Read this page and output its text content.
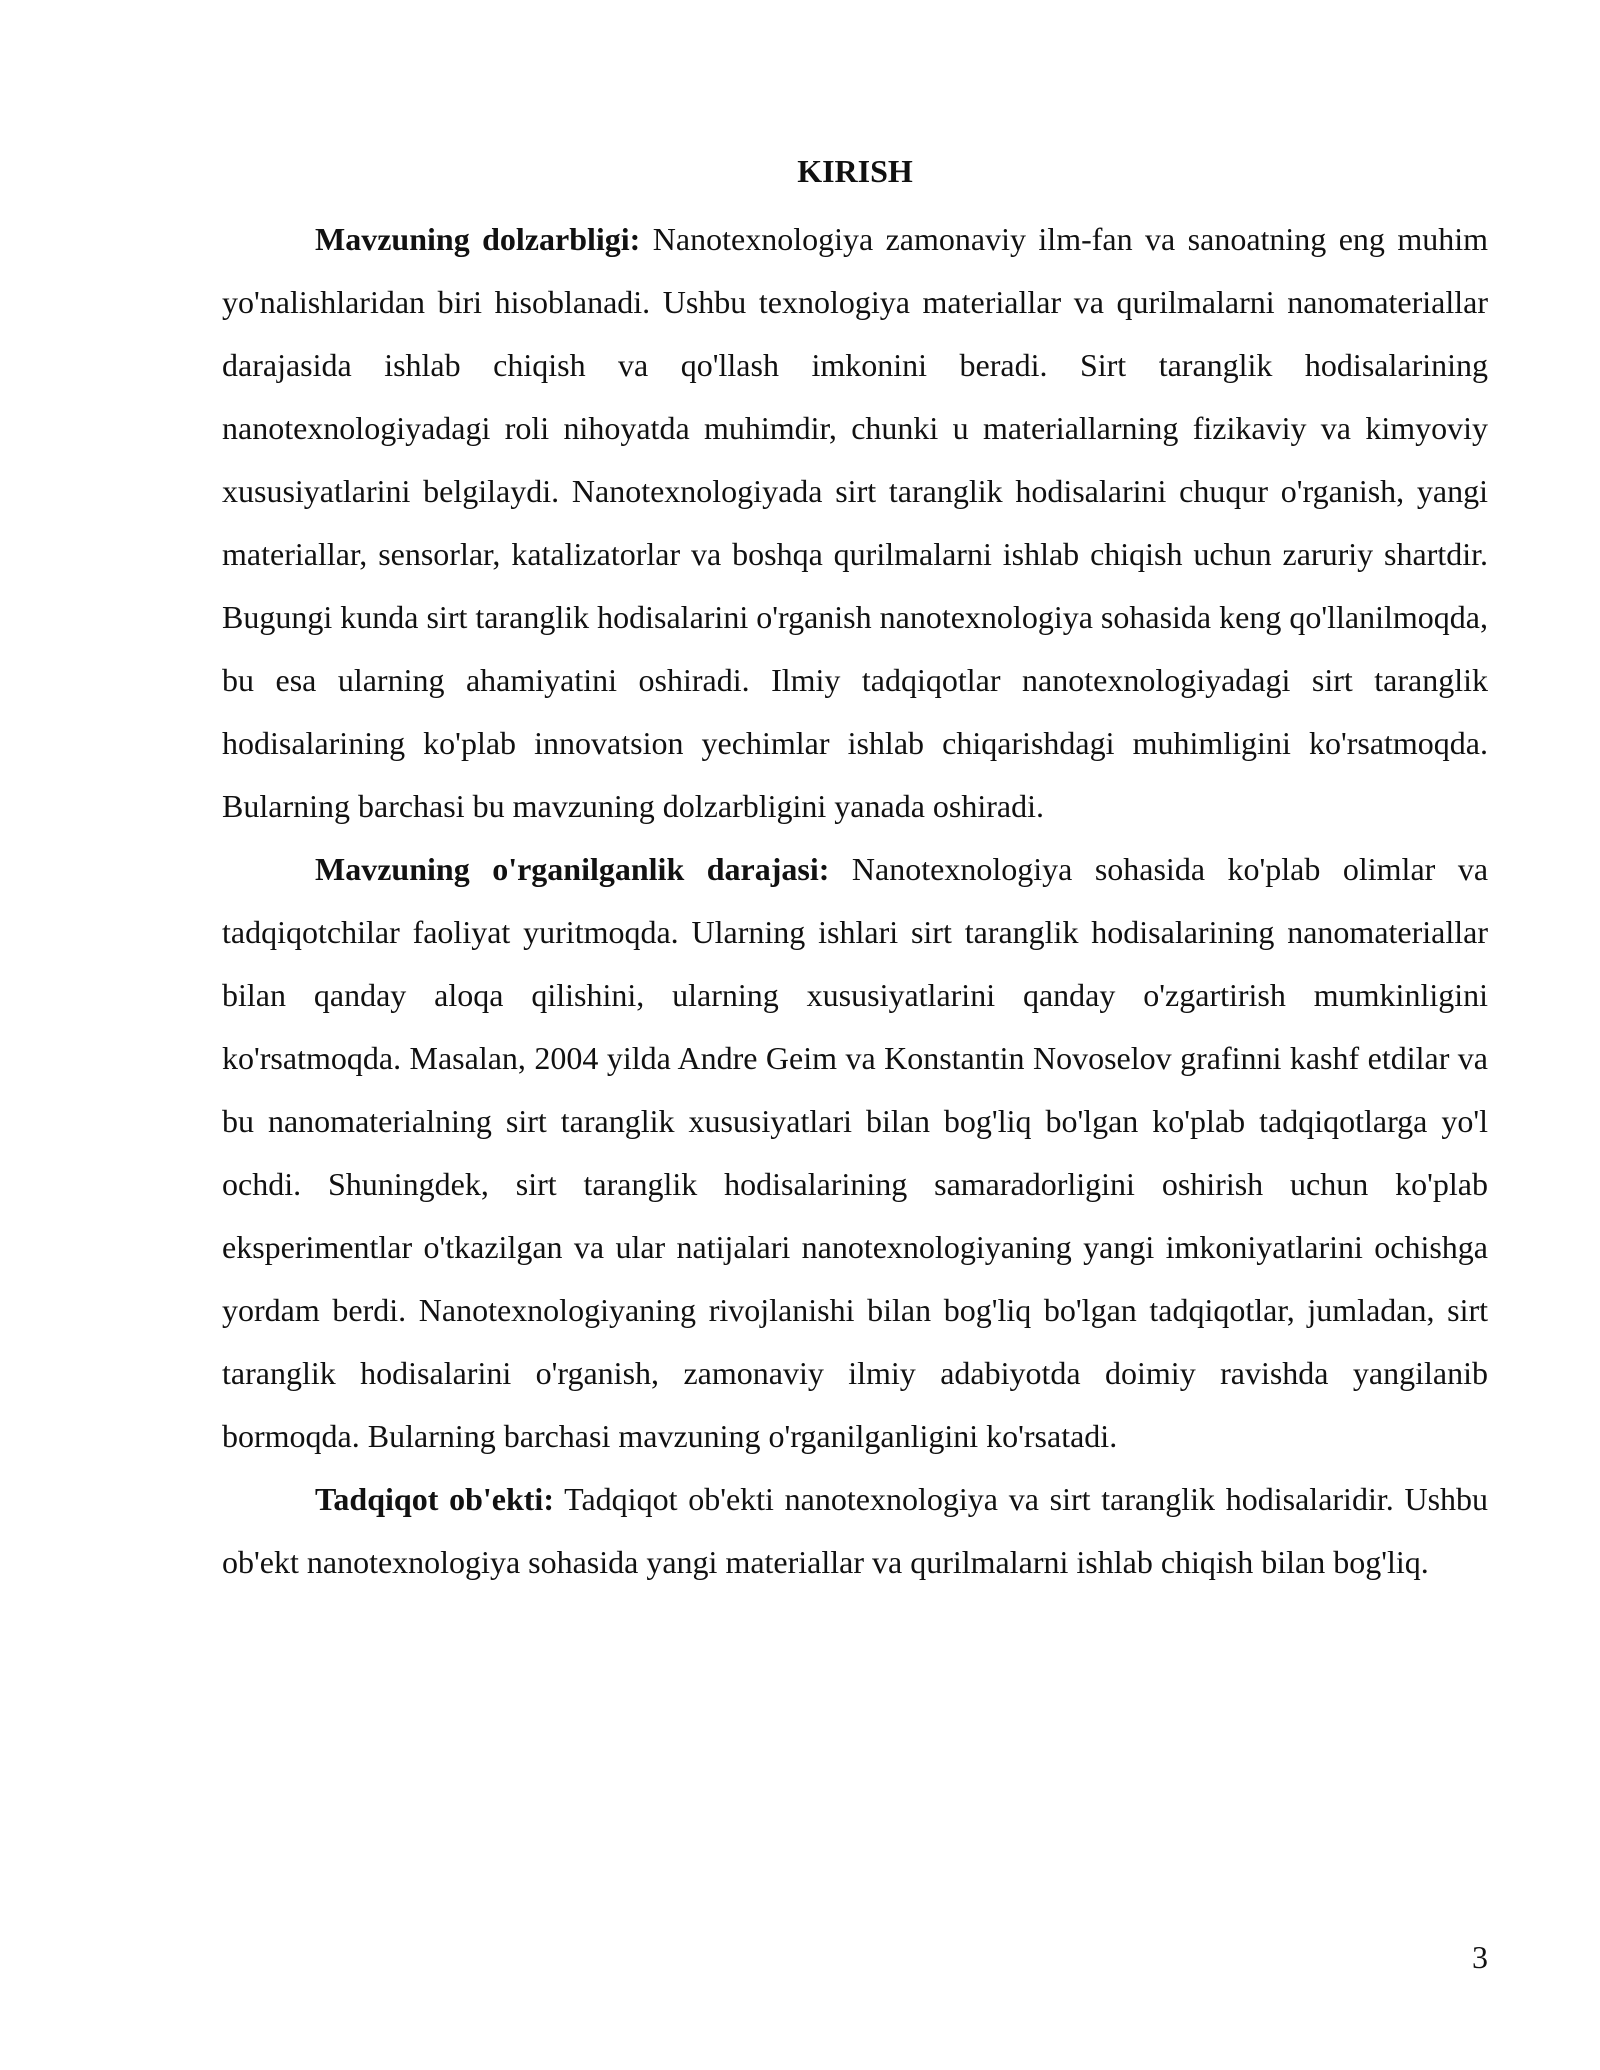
KIRISH

Mavzuning dolzarbligi: Nanotexnologiya zamonaviy ilm-fan va sanoatning eng muhim yo'nalishlaridan biri hisoblanadi. Ushbu texnologiya materiallar va qurilmalarni nanomateriallar darajasida ishlab chiqish va qo'llash imkonini beradi. Sirt taranglik hodisalarining nanotexnologiyadagi roli nihoyatda muhimdir, chunki u materiallarning fizikaviy va kimyoviy xususiyatlarini belgilaydi. Nanotexnologiyada sirt taranglik hodisalarini chuqur o'rganish, yangi materiallar, sensorlar, katalizatorlar va boshqa qurilmalarni ishlab chiqish uchun zaruriy shartdir. Bugungi kunda sirt taranglik hodisalarini o'rganish nanotexnologiya sohasida keng qo'llanilmoqda, bu esa ularning ahamiyatini oshiradi. Ilmiy tadqiqotlar nanotexnologiyadagi sirt taranglik hodisalarining ko'plab innovatsion yechimlar ishlab chiqarishdagi muhimligini ko'rsatmoqda. Bularning barchasi bu mavzuning dolzarbligini yanada oshiradi.

Mavzuning o'rganilganlik darajasi: Nanotexnologiya sohasida ko'plab olimlar va tadqiqotchilar faoliyat yuritmoqda. Ularning ishlari sirt taranglik hodisalarining nanomateriallar bilan qanday aloqa qilishini, ularning xususiyatlarini qanday o'zgartirish mumkinligini ko'rsatmoqda. Masalan, 2004 yilda Andre Geim va Konstantin Novoselov grafinni kashf etdilar va bu nanomaterialning sirt taranglik xususiyatlari bilan bog'liq bo'lgan ko'plab tadqiqotlarga yo'l ochdi. Shuningdek, sirt taranglik hodisalarining samaradorligini oshirish uchun ko'plab eksperimentlar o'tkazilgan va ular natijalari nanotexnologiyaning yangi imkoniyatlarini ochishga yordam berdi. Nanotexnologiyaning rivojlanishi bilan bog'liq bo'lgan tadqiqotlar, jumladan, sirt taranglik hodisalarini o'rganish, zamonaviy ilmiy adabiyotda doimiy ravishda yangilanib bormoqda. Bularning barchasi mavzuning o'rganilganligini ko'rsatadi.

Tadqiqot ob'ekti: Tadqiqot ob'ekti nanotexnologiya va sirt taranglik hodisalaridir. Ushbu ob'ekt nanotexnologiya sohasida yangi materiallar va qurilmalarni ishlab chiqish bilan bog'liq.

3
